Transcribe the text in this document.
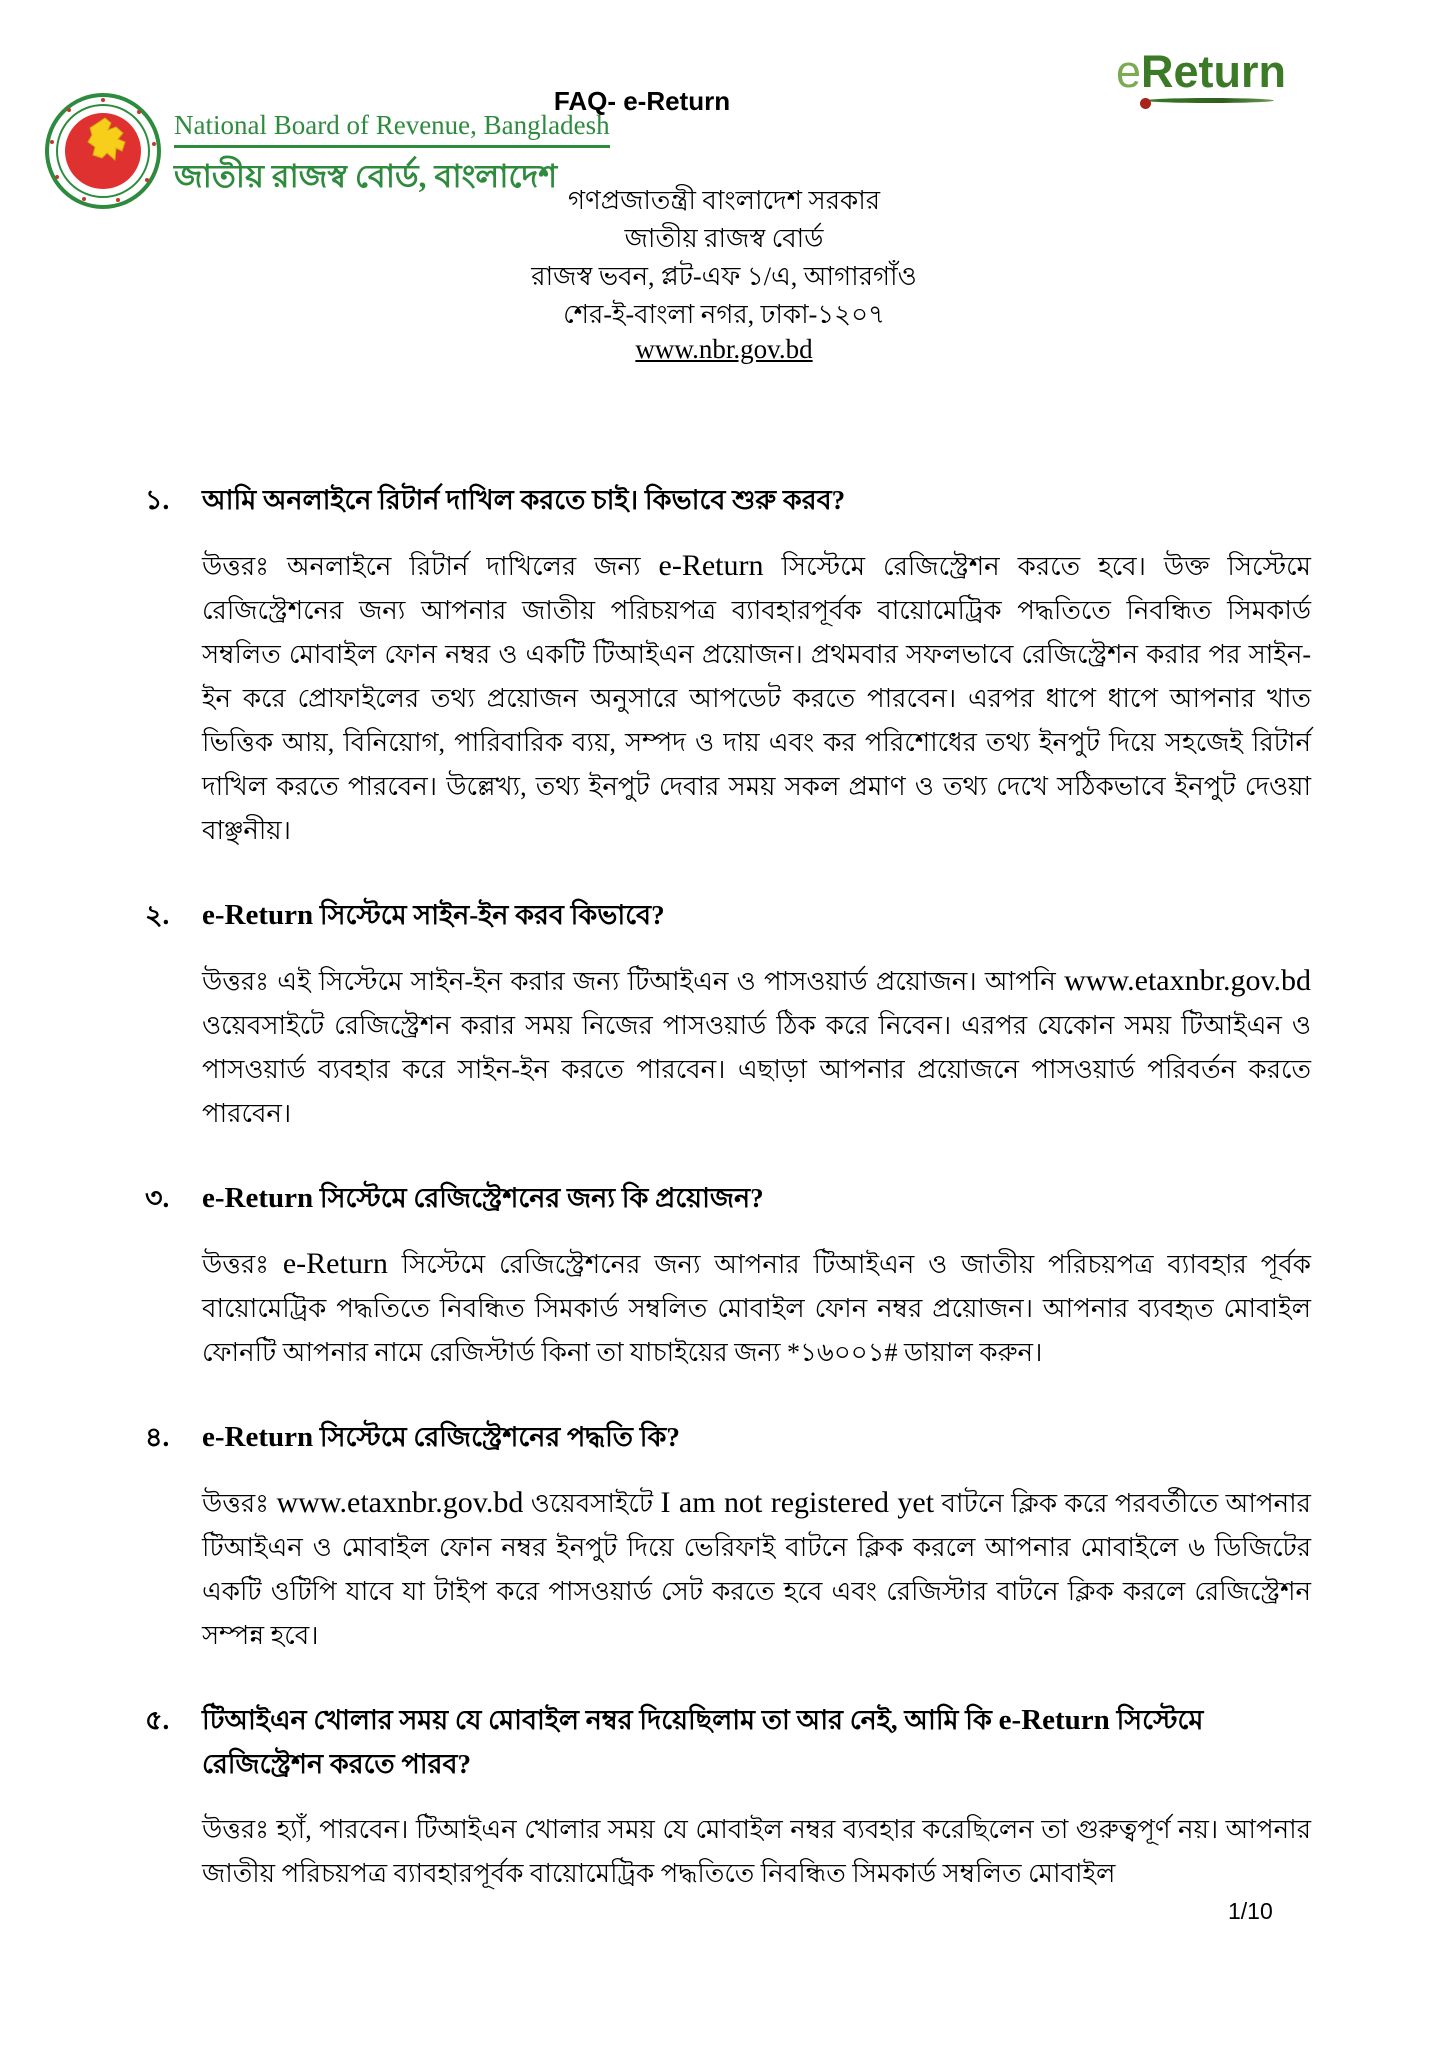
National Board of Revenue, Bangladesh
জাতীয় রাজস্ব বোর্ড, বাংলাদেশ
FAQ- e-Return
গণপ্রজাতন্ত্রী বাংলাদেশ সরকার
জাতীয় রাজস্ব বোর্ড
রাজস্ব ভবন, প্লট-এফ ১/এ, আগারগাঁও
শের-ই-বাংলা নগর, ঢাকা-১২০৭
www.nbr.gov.bd
eReturn
১.	আমি অনলাইনে রিটার্ন দাখিল করতে চাই। কিভাবে শুরু করব?

উত্তরঃ অনলাইনে রিটার্ন দাখিলের জন্য e-Return সিস্টেমে রেজিস্ট্রেশন করতে হবে। উক্ত সিস্টেমে রেজিস্ট্রেশনের জন্য আপনার জাতীয় পরিচয়পত্র ব্যাবহারপূর্বক বায়োমেট্রিক পদ্ধতিতে নিবন্ধিত সিমকার্ড সম্বলিত মোবাইল ফোন নম্বর ও একটি টিআইএন প্রয়োজন। প্রথমবার সফলভাবে রেজিস্ট্রেশন করার পর সাইন-ইন করে প্রোফাইলের তথ্য প্রয়োজন অনুসারে আপডেট করতে পারবেন। এরপর ধাপে ধাপে আপনার খাত ভিত্তিক আয়, বিনিয়োগ, পারিবারিক ব্যয়, সম্পদ ও দায় এবং কর পরিশোধের তথ্য ইনপুট দিয়ে সহজেই রিটার্ন দাখিল করতে পারবেন। উল্লেখ্য, তথ্য ইনপুট দেবার সময় সকল প্রমাণ ও তথ্য দেখে সঠিকভাবে ইনপুট দেওয়া বাঞ্ছনীয়।

২.	e-Return সিস্টেমে সাইন-ইন করব কিভাবে?

উত্তরঃ এই সিস্টেমে সাইন-ইন করার জন্য টিআইএন ও পাসওয়ার্ড প্রয়োজন। আপনি www.etaxnbr.gov.bd ওয়েবসাইটে রেজিস্ট্রেশন করার সময় নিজের পাসওয়ার্ড ঠিক করে নিবেন। এরপর যেকোন সময় টিআইএন ও পাসওয়ার্ড ব্যবহার করে সাইন-ইন করতে পারবেন। এছাড়া আপনার প্রয়োজনে পাসওয়ার্ড পরিবর্তন করতে পারবেন।

৩.	e-Return সিস্টেমে রেজিস্ট্রেশনের জন্য কি প্রয়োজন?

উত্তরঃ e-Return সিস্টেমে রেজিস্ট্রেশনের জন্য আপনার টিআইএন ও জাতীয় পরিচয়পত্র ব্যাবহার পূর্বক বায়োমেট্রিক পদ্ধতিতে নিবন্ধিত সিমকার্ড সম্বলিত মোবাইল ফোন নম্বর প্রয়োজন। আপনার ব্যবহৃত মোবাইল ফোনটি আপনার নামে রেজিস্টার্ড কিনা তা যাচাইয়ের জন্য *১৬০০১# ডায়াল করুন।

৪.	e-Return সিস্টেমে রেজিস্ট্রেশনের পদ্ধতি কি?

উত্তরঃ www.etaxnbr.gov.bd ওয়েবসাইটে I am not registered yet বাটনে ক্লিক করে পরবর্তীতে আপনার টিআইএন ও মোবাইল ফোন নম্বর ইনপুট দিয়ে ভেরিফাই বাটনে ক্লিক করলে আপনার মোবাইলে ৬ ডিজিটের একটি ওটিপি যাবে যা টাইপ করে পাসওয়ার্ড সেট করতে হবে এবং রেজিস্টার বাটনে ক্লিক করলে রেজিস্ট্রেশন সম্পন্ন হবে।

৫.	টিআইএন খোলার সময় যে মোবাইল নম্বর দিয়েছিলাম তা আর নেই, আমি কি e-Return সিস্টেমে রেজিস্ট্রেশন করতে পারব?

উত্তরঃ হ্যাঁ, পারবেন। টিআইএন খোলার সময় যে মোবাইল নম্বর ব্যবহার করেছিলেন তা গুরুত্বপূর্ণ নয়। আপনার জাতীয় পরিচয়পত্র ব্যাবহারপূর্বক বায়োমেট্রিক পদ্ধতিতে নিবন্ধিত সিমকার্ড সম্বলিত মোবাইল

1/10
